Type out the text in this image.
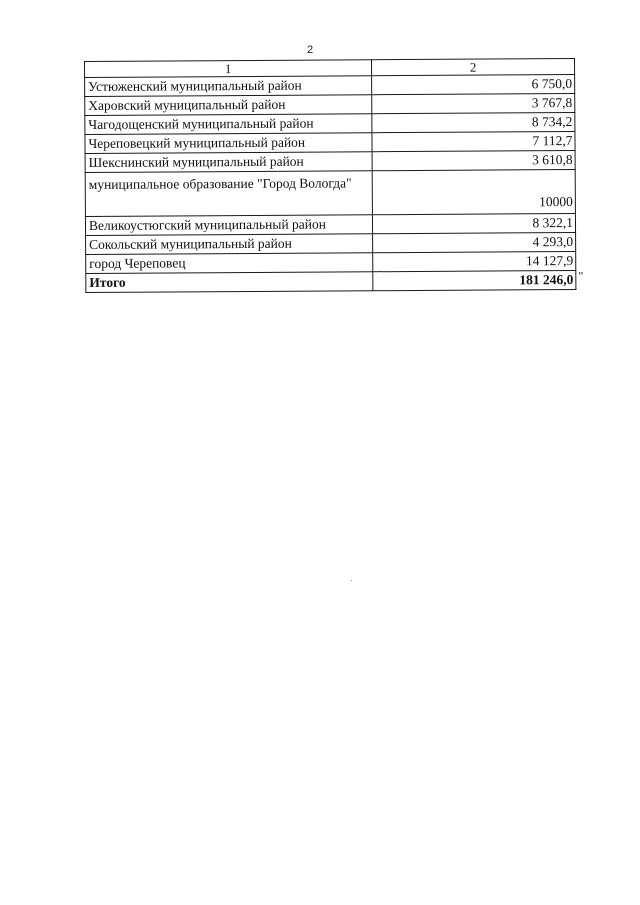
2
1	2
Устюженский муниципальный район	6 750,0
Харовский муниципальный район	3 767,8
Чагодощенский муниципальный район	8 734,2
Череповецкий муниципальный район	7 112,7
Шекснинский муниципальный район	3 610,8
муниципальное образование "Город Вологда"	10000
Великоустюгский муниципальный район	8 322,1
Сокольский муниципальный район	4 293,0
город Череповец	14 127,9
Итого	181 246,0 "
